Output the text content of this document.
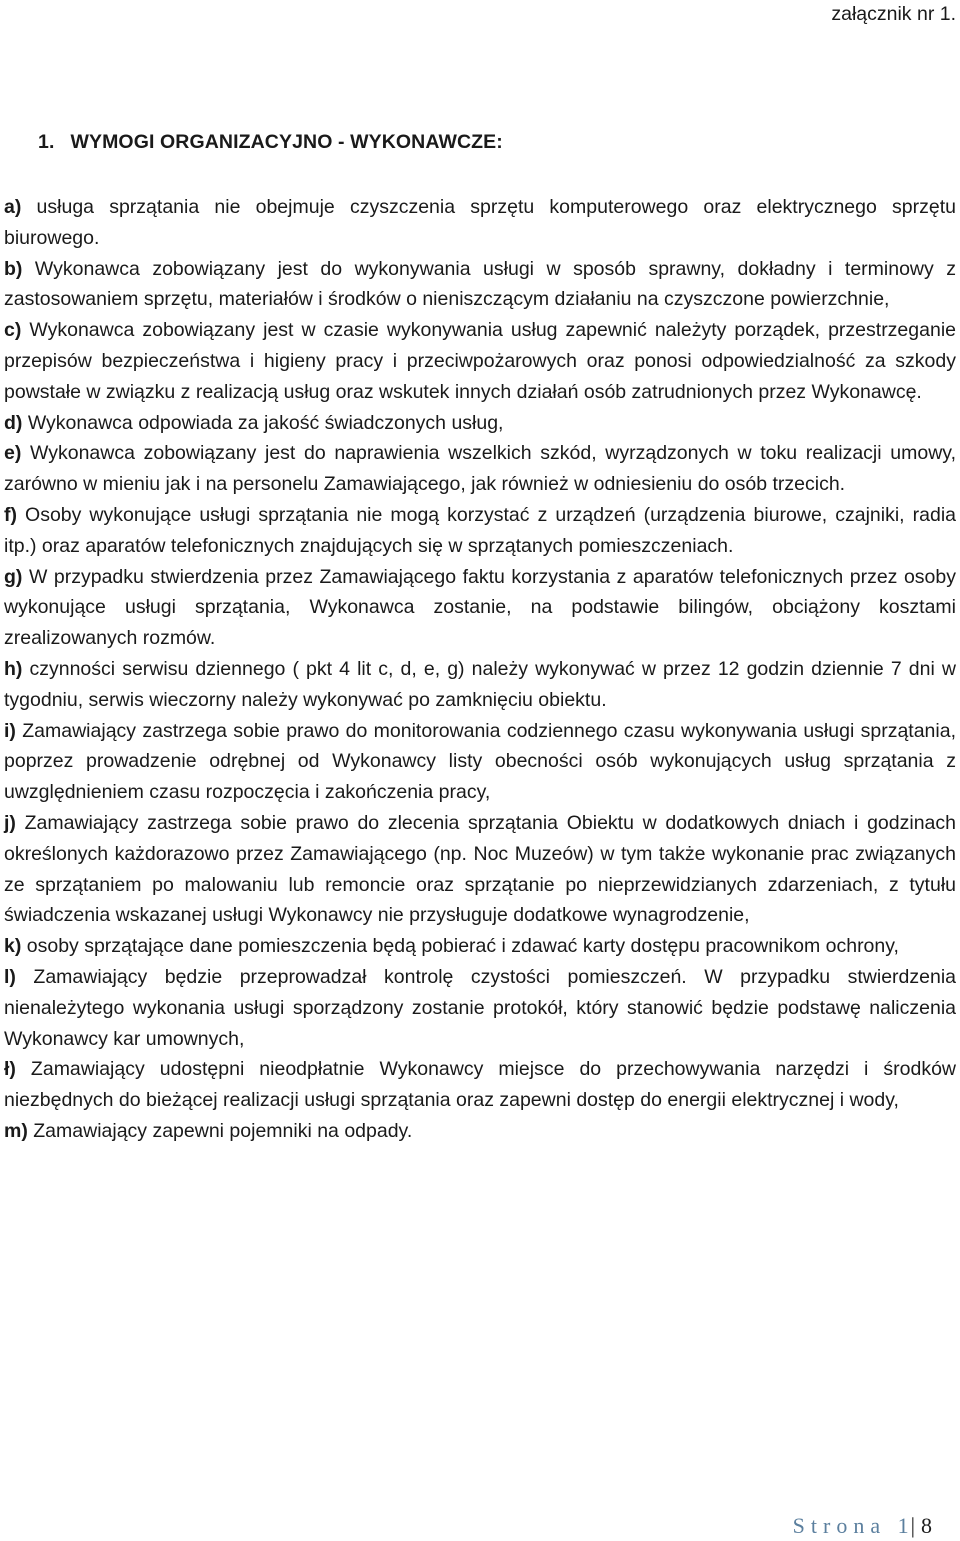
załącznik nr 1.

1. WYMOGI ORGANIZACYJNO - WYKONAWCZE:

a) usługa sprzątania nie obejmuje czyszczenia sprzętu komputerowego oraz elektrycznego sprzętu biurowego.

b) Wykonawca zobowiązany jest do wykonywania usługi w sposób sprawny, dokładny i terminowy z zastosowaniem sprzętu, materiałów i środków o nieniszczącym działaniu na czyszczone powierzchnie,

c) Wykonawca zobowiązany jest w czasie wykonywania usług zapewnić należyty porządek, przestrzeganie przepisów bezpieczeństwa i higieny pracy i przeciwpożarowych oraz ponosi odpowiedzialność za szkody powstałe w związku z realizacją usług oraz wskutek innych działań osób zatrudnionych przez Wykonawcę.

d) Wykonawca odpowiada za jakość świadczonych usług,

e) Wykonawca zobowiązany jest do naprawienia wszelkich szkód, wyrządzonych w toku realizacji umowy, zarówno w mieniu jak i na personelu Zamawiającego, jak również w odniesieniu do osób trzecich.

f) Osoby wykonujące usługi sprzątania nie mogą korzystać z urządzeń (urządzenia biurowe, czajniki, radia itp.) oraz aparatów telefonicznych znajdujących się w sprzątanych pomieszczeniach.

g) W przypadku stwierdzenia przez Zamawiającego faktu korzystania z aparatów telefonicznych przez osoby wykonujące usługi sprzątania, Wykonawca zostanie, na podstawie bilingów, obciążony kosztami zrealizowanych rozmów.

h) czynności serwisu dziennego ( pkt 4 lit c, d, e, g) należy wykonywać w przez 12 godzin dziennie 7 dni w tygodniu, serwis wieczorny należy wykonywać po zamknięciu obiektu.

i) Zamawiający zastrzega sobie prawo do monitorowania codziennego czasu wykonywania usługi sprzątania, poprzez prowadzenie odrębnej od Wykonawcy listy obecności osób wykonujących usług sprzątania z uwzględnieniem czasu rozpoczęcia i zakończenia pracy,

j) Zamawiający zastrzega sobie prawo do zlecenia sprzątania Obiektu w dodatkowych dniach i godzinach określonych każdorazowo przez Zamawiającego (np. Noc Muzeów) w tym także wykonanie prac związanych ze sprzątaniem po malowaniu lub remoncie oraz sprzątanie po nieprzewidzianych zdarzeniach, z tytułu świadczenia wskazanej usługi Wykonawcy nie przysługuje dodatkowe wynagrodzenie,

k) osoby sprzątające dane pomieszczenia będą pobierać i zdawać karty dostępu pracownikom ochrony,

l) Zamawiający będzie przeprowadzał kontrolę czystości pomieszczeń. W przypadku stwierdzenia nienależytego wykonania usługi sporządzony zostanie protokół, który stanowić będzie podstawę naliczenia Wykonawcy kar umownych,

ł) Zamawiający udostępni nieodpłatnie Wykonawcy miejsce do przechowywania narzędzi i środków niezbędnych do bieżącej realizacji usługi sprzątania oraz zapewni dostęp do energii elektrycznej i wody,

m) Zamawiający zapewni pojemniki na odpady.

Strona 1| 8
